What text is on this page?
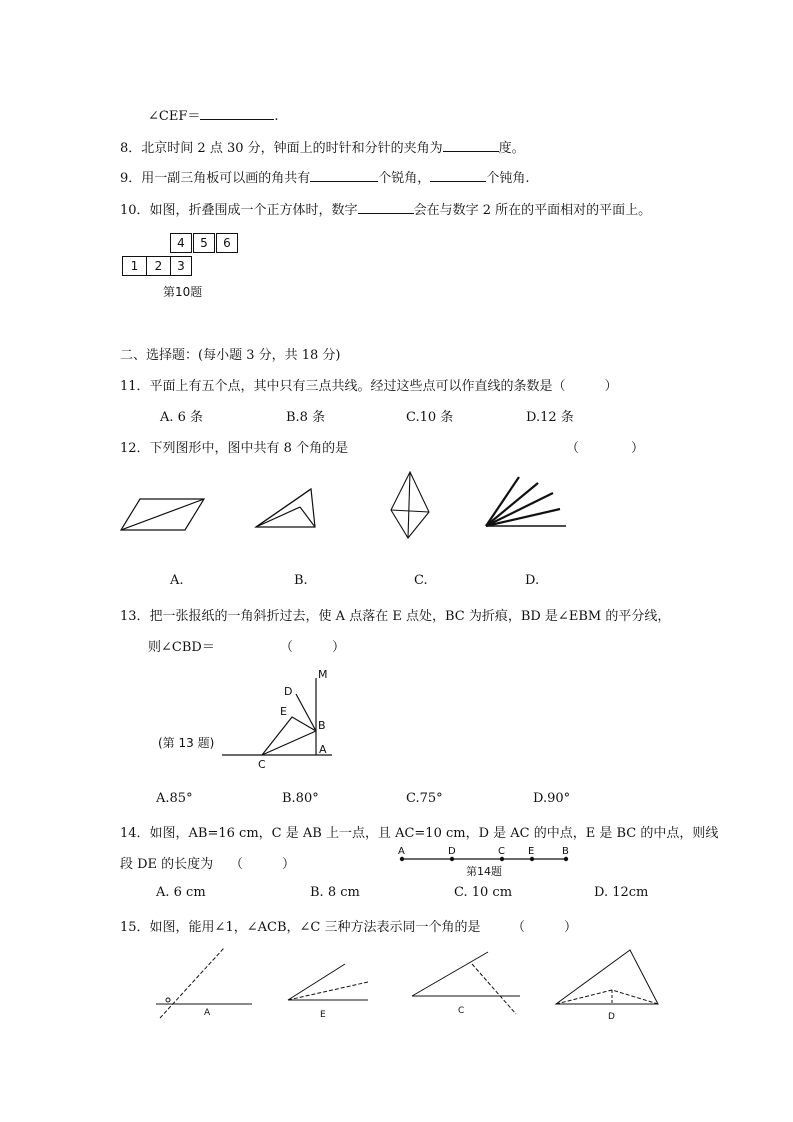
∠CEF＝	.
8．北京时间 2 点 30 分，钟面上的时针和分针的夹角为	度。
9．用一副三角板可以画的角共有	个锐角，	个钝角.
10．如图，折叠围成一个正方体时，数字	会在与数字 2 所在的平面相对的平面上。
4	5	6
1	2	3
第10题
二、选择题：(每小题 3 分，共 18 分)
11．平面上有五个点，其中只有三点共线。经过这些点可以作直线的条数是（　　　）
A. 6 条	B.8 条	C.10 条	D.12 条
12．下列图形中，图中共有 8 个角的是	（　　　　）
A.	B.	C.	D.
13．把一张报纸的一角斜折过去，使 A 点落在 E 点处，BC 为折痕，BD 是∠EBM 的平分线，
则∠CBD＝	（　　　）
M
D
E
B
A
C
(第 13 题)
A.85°	B.80°	C.75°	D.90°
14．如图，AB=16 cm，C 是 AB 上一点，且 AC=10 cm，D 是 AC 的中点，E 是 BC 的中点，则线
段 DE 的长度为 （　　　）
A	D	C E	B
第14题
A. 6 cm	B. 8 cm	C. 10 cm	D. 12cm
15．如图，能用∠1，∠ACB，∠C 三种方法表示同一个角的是 （　　　）
A	E	C
D
